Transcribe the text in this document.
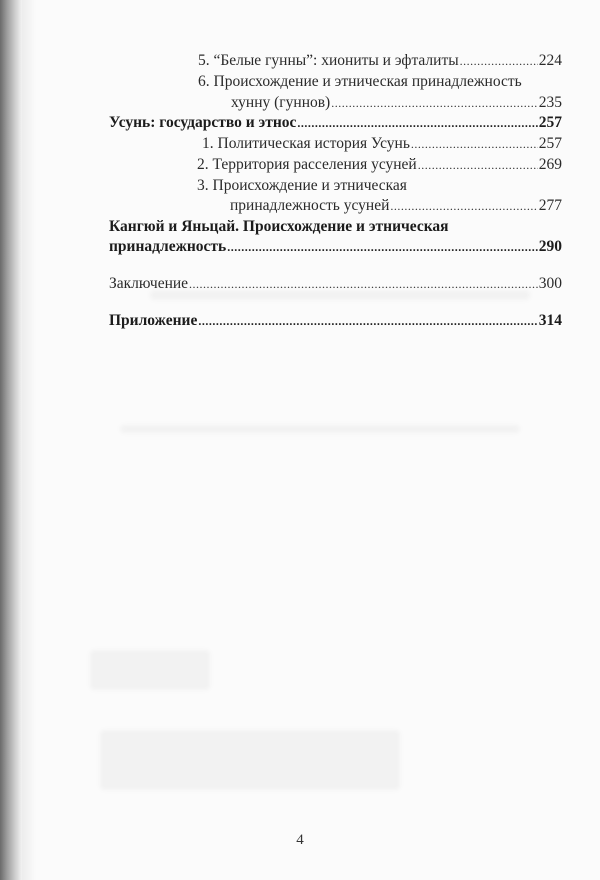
5. “Белые гунны”: хиониты и эфталиты .....	224
6. Происхождение и этническая принадлежность
хунну (гуннов) .....	235
Усунь: государство и этнос .....	257
1. Политическая история Усунь .....	257
2. Территория расселения усуней .....	269
3. Происхождение и этническая
принадлежность усуней .....	277
Кангюй и Яньцай. Происхождение и этническая
принадлежность .....	290
Заключение .....	300
Приложение .....	314
4
